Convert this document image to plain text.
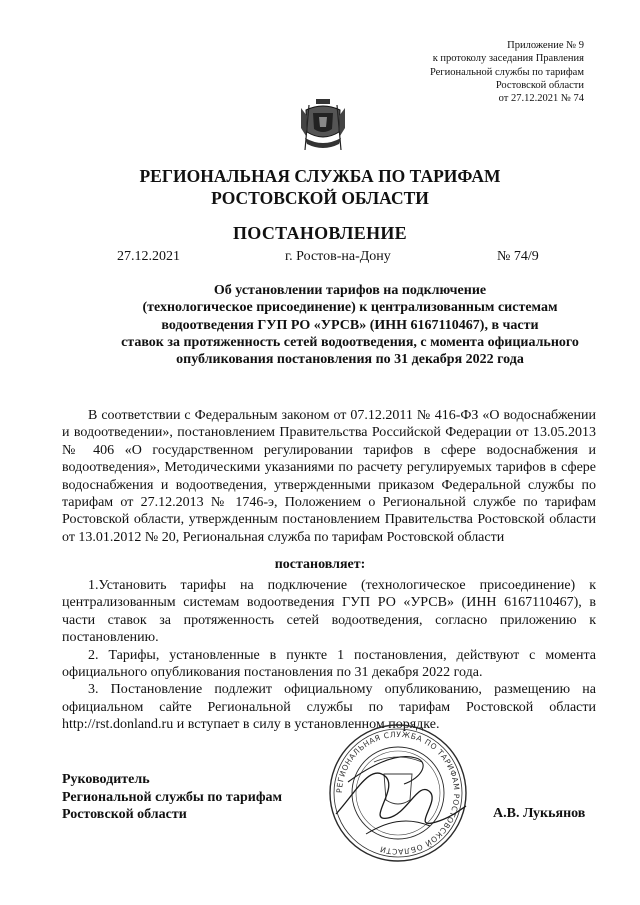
Приложение № 9
к протоколу заседания Правления
Региональной службы по тарифам
Ростовской области
от 27.12.2021 № 74
РЕГИОНАЛЬНАЯ СЛУЖБА ПО ТАРИФАМ
РОСТОВСКОЙ ОБЛАСТИ
ПОСТАНОВЛЕНИЕ
27.12.2021	г. Ростов-на-Дону	№ 74/9
Об установлении тарифов на подключение
(технологическое присоединение) к централизованным системам
водоотведения ГУП РО «УРСВ» (ИНН 6167110467), в части
ставок за протяженность сетей водоотведения, с момента официального
опубликования постановления по 31 декабря 2022 года

В соответствии с Федеральным законом от 07.12.2011 № 416-ФЗ «О водоснабжении и водоотведении», постановлением Правительства Российской Федерации от 13.05.2013 № 406 «О государственном регулировании тарифов в сфере водоснабжения и водоотведения», Методическими указаниями по расчету регулируемых тарифов в сфере водоснабжения и водоотведения, утвержденными приказом Федеральной службы по тарифам от 27.12.2013 № 1746-э, Положением о Региональной службе по тарифам Ростовской области, утвержденным постановлением Правительства Ростовской области от 13.01.2012 № 20, Региональная служба по тарифам Ростовской области

постановляет:

1.Установить тарифы на подключение (технологическое присоединение) к централизованным системам водоотведения ГУП РО «УРСВ» (ИНН 6167110467), в части ставок за протяженность сетей водоотведения, согласно приложению к постановлению.

2. Тарифы, установленные в пункте 1 постановления, действуют с момента официального опубликования постановления по 31 декабря 2022 года.

3. Постановление подлежит официальному опубликованию, размещению на официальном сайте Региональной службы по тарифам Ростовской области http://rst.donland.ru и вступает в силу в установленном порядке.

Руководитель
Региональной службы по тарифам
Ростовской области
РЕГИОНАЛЬНАЯ СЛУЖБА ПО ТАРИФАМ РОСТОВСКОЙ ОБЛАСТИ
А.В. Лукьянов
